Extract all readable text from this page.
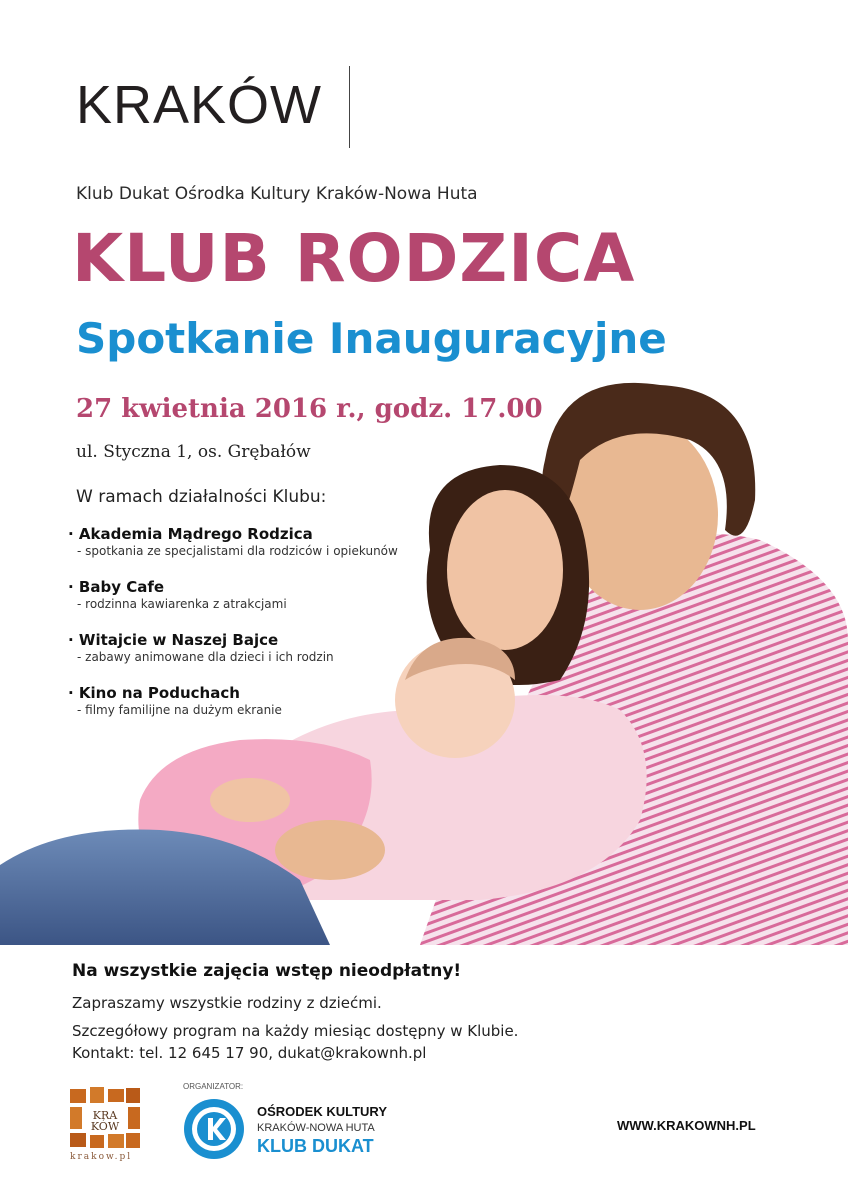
KRAKÓW
Klub Dukat Ośrodka Kultury Kraków-Nowa Huta
KLUB RODZICA
Spotkanie Inauguracyjne
27 kwietnia 2016 r., godz. 17.00
ul. Styczna 1, os. Grębałów
W ramach działalności Klubu:
· Akademia Mądrego Rodzica
- spotkania ze specjalistami dla rodziców i opiekunów
· Baby Cafe
- rodzinna kawiarenka z atrakcjami
· Witajcie w Naszej Bajce
- zabawy animowane dla dzieci i ich rodzin
· Kino na Poduchach
- filmy familijne na dużym ekranie
Na wszystkie zajęcia wstęp nieodpłatny!
Zapraszamy wszystkie rodziny z dziećmi.
Szczegółowy program na każdy miesiąc dostępny w Klubie.
Kontakt: tel. 12 645 17 90, dukat@krakownh.pl
KRA
KÓW
krakow.pl
ORGANIZATOR:
OŚRODEK KULTURY
KRAKÓW-NOWA HUTA
KLUB DUKAT
WWW.KRAKOWNH.PL
